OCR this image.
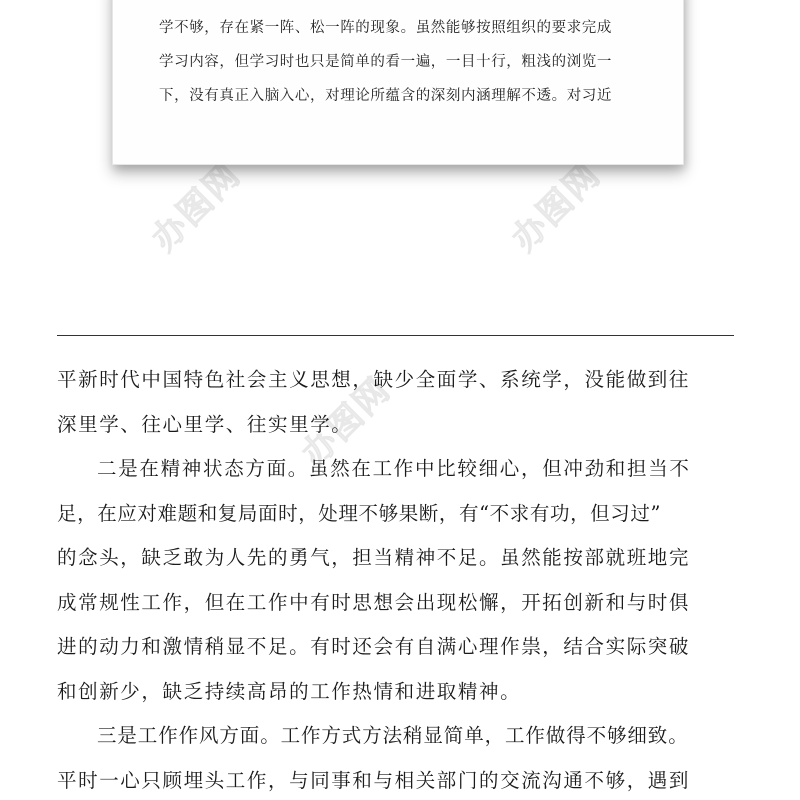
办图网	办图网
办图网

学不够，存在紧一阵、松一阵的现象。虽然能够按照组织的要求完成
学习内容，但学习时也只是简单的看一遍，一目十行，粗浅的浏览一
下，没有真正入脑入心，对理论所蕴含的深刻内涵理解不透。对习近

平新时代中国特色社会主义思想，缺少全面学、系统学，没能做到往
深里学、往心里学、往实里学。
二是在精神状态方面。虽然在工作中比较细心，但冲劲和担当不
足，在应对难题和复局面时，处理不够果断，有“不求有功，但习过”
的念头，缺乏敢为人先的勇气，担当精神不足。虽然能按部就班地完
成常规性工作，但在工作中有时思想会出现松懈，开拓创新和与时俱
进的动力和激情稍显不足。有时还会有自满心理作祟，结合实际突破
和创新少，缺乏持续高昂的工作热情和进取精神。
三是工作作风方面。工作方式方法稍显简单，工作做得不够细致。
平时一心只顾埋头工作，与同事和与相关部门的交流沟通不够，遇到
